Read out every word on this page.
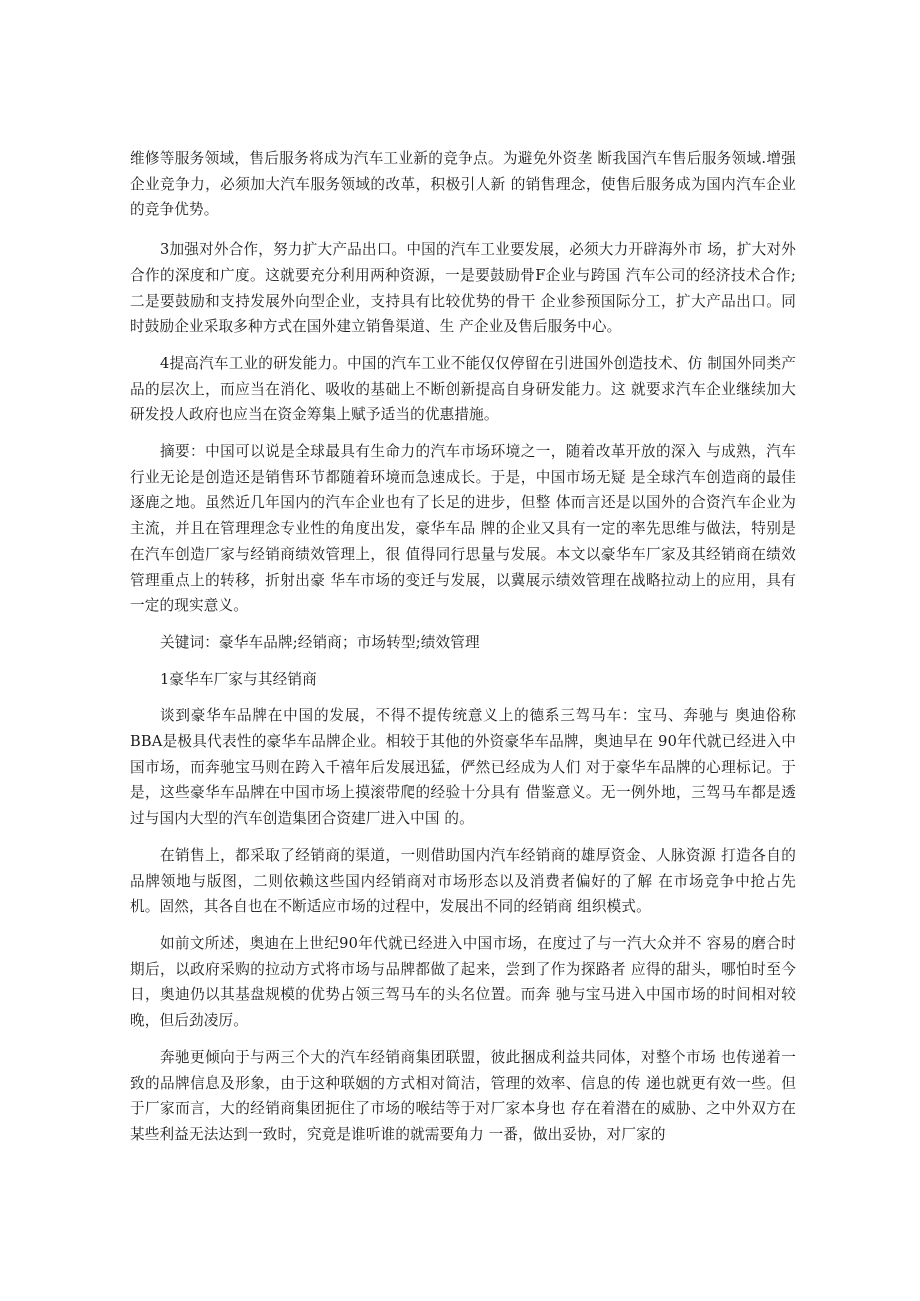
维修等服务领域，售后服务将成为汽车工业新的竞争点。为避免外资垄 断我国汽车售后服务领域.增强企业竞争力，必须加大汽车服务领域的改革，积极引人新 的销售理念，使售后服务成为国内汽车企业的竞争优势。

3加强对外合作，努力扩大产品出口。中国的汽车工业要发展，必须大力开辟海外市 场，扩大对外合作的深度和广度。这就要充分利用两种资源，一是要鼓励骨F企业与跨国 汽车公司的经济技术合作;二是要鼓励和支持发展外向型企业，支持具有比较优势的骨干 企业参预国际分工，扩大产品出口。同时鼓励企业采取多种方式在国外建立销鲁渠道、生 产企业及售后服务中心。

4提高汽车工业的研发能力。中国的汽车工业不能仅仅停留在引进国外创造技术、仿 制国外同类产品的层次上，而应当在消化、吸收的基础上不断创新提高自身研发能力。这 就要求汽车企业继续加大研发投人政府也应当在资金筹集上赋予适当的优惠措施。

摘要：中国可以说是全球最具有生命力的汽车市场环境之一，随着改革开放的深入 与成熟，汽车行业无论是创造还是销售环节都随着环境而急速成长。于是，中国市场无疑 是全球汽车创造商的最佳逐鹿之地。虽然近几年国内的汽车企业也有了长足的进步，但整 体而言还是以国外的合资汽车企业为主流，并且在管理理念专业性的角度出发，豪华车品 牌的企业又具有一定的率先思维与做法，特别是在汽车创造厂家与经销商绩效管理上，很 值得同行思量与发展。本文以豪华车厂家及其经销商在绩效管理重点上的转移，折射出豪 华车市场的变迁与发展，以冀展示绩效管理在战略拉动上的应用，具有一定的现实意义。

关键词：豪华车品牌;经销商；市场转型;绩效管理

1豪华车厂家与其经销商

谈到豪华车品牌在中国的发展，不得不提传统意义上的德系三驾马车：宝马、奔驰与 奥迪俗称BBA是极具代表性的豪华车品牌企业。相较于其他的外资豪华车品牌，奥迪早在 90年代就已经进入中国市场，而奔驰宝马则在跨入千禧年后发展迅猛，俨然已经成为人们 对于豪华车品牌的心理标记。于是，这些豪华车品牌在中国市场上摸滚带爬的经验十分具有 借鉴意义。无一例外地，三驾马车都是透过与国内大型的汽车创造集团合资建厂进入中国 的。

在销售上，都采取了经销商的渠道，一则借助国内汽车经销商的雄厚资金、人脉资源 打造各自的品牌领地与版图，二则依赖这些国内经销商对市场形态以及消费者偏好的了解 在市场竞争中抢占先机。固然，其各自也在不断适应市场的过程中，发展出不同的经销商 组织模式。

如前文所述，奥迪在上世纪90年代就已经进入中国市场，在度过了与一汽大众并不 容易的磨合时期后，以政府采购的拉动方式将市场与品牌都做了起来，尝到了作为探路者 应得的甜头，哪怕时至今日，奥迪仍以其基盘规模的优势占领三驾马车的头名位置。而奔 驰与宝马进入中国市场的时间相对较晚，但后劲凌厉。

奔驰更倾向于与两三个大的汽车经销商集团联盟，彼此捆成利益共同体，对整个市场 也传递着一致的品牌信息及形象，由于这种联姻的方式相对简洁，管理的效率、信息的传 递也就更有效一些。但于厂家而言，大的经销商集团扼住了市场的喉结等于对厂家本身也 存在着潜在的威胁、之中外双方在某些利益无法达到一致时，究竟是谁听谁的就需要角力 一番，做出妥协，对厂家的
